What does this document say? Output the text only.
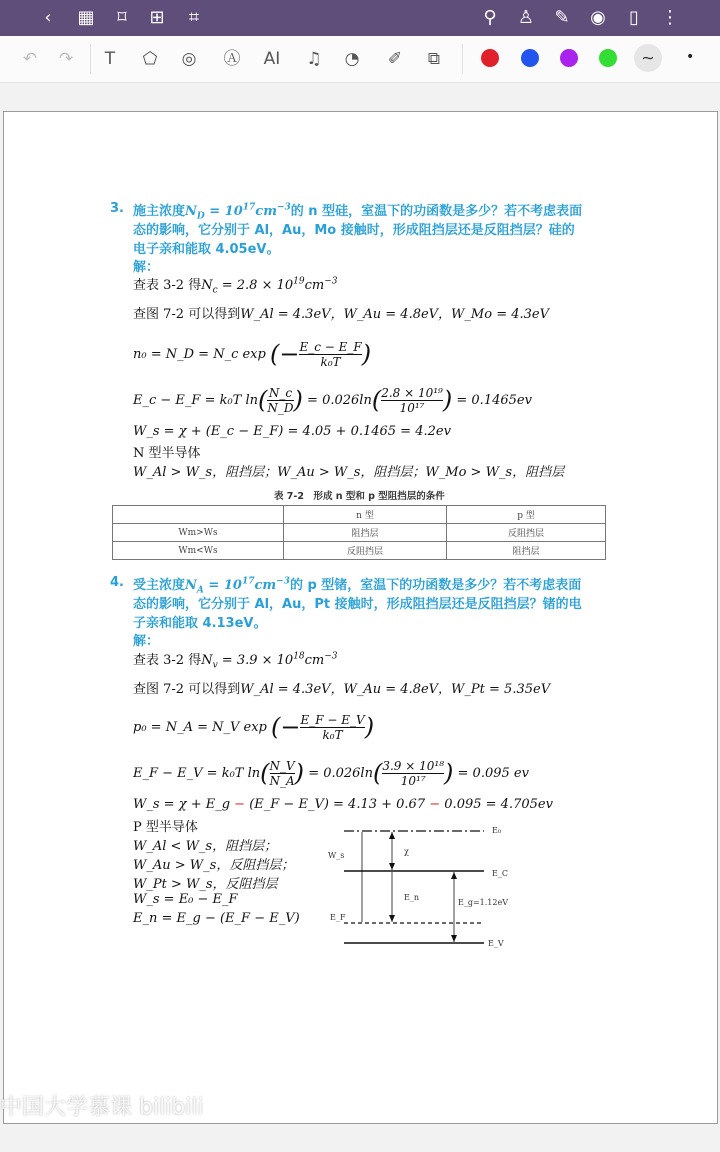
‹	▦	⌑	⊞	⌗	⚲	♙ ✎ ◉	▯	⋮
↶ ↷	T	⬠ ◎ Ⓐ AI ♫ ◔ ✐	⧉	∼	•
3. 施主浓度$N_D = 10^{17}cm^{-3}$的 n 型硅，室温下的功函数是多少？若不考虑表面
态的影响，它分别于 Al，Au，Mo 接触时，形成阻挡层还是反阻挡层？硅的
电子亲和能取 4.05eV。
解：
查表 3-2 得$N_c = 2.8 \times 10^{19}cm^{-3}$
查图 7-2 可以得到W_Al = 4.3eV，W_Au = 4.8eV，W_Mo = 4.3eV
n₀ = N_D = N_c exp (− $\frac{E\_c - E\_F}{\text{k₀T}}$ )
E_c − E_F = k₀T $\ln( \frac{N\_c}{N\_D}$ ) = $0.026\ln( \frac{\text{2.8 × 10¹⁹}}{\text{10¹⁷}}$ ) = 0.1465ev
W_s = χ + (E_c − E_F) = 4.05 + 0.1465 = 4.2ev
N 型半导体
W_Al > W_s，阻挡层；W_Au > W_s，阻挡层；W_Mo > W_s，阻挡层
表 7-2　形成 n 型和 p 型阻挡层的条件
	n 型	p 型
Wm>Ws	阻挡层	反阻挡层
Wm<Ws	反阻挡层	阻挡层
4. 受主浓度$N_A = 10^{17}cm^{-3}$的 p 型锗，室温下的功函数是多少？若不考虑表面
态的影响，它分别于 Al，Au，Pt 接触时，形成阻挡层还是反阻挡层？锗的电
子亲和能取 4.13eV。
解：
查表 3-2 得$N_v = 3.9 \times 10^{18}cm^{-3}$
查图 7-2 可以得到W_Al = 4.3eV，W_Au = 4.8eV，W_Pt = 5.35eV
p₀ = N_A = N_V exp (− $\frac{E\_F - E\_V}{\text{k₀T}}$ )
E_F − E_V = k₀T $\ln( \frac{N\_V}{N\_A}$ ) = $0.026\ln( \frac{\text{3.9 × 10¹⁸}}{\text{10¹⁷}}$ ) = 0.095 ev
W_s = χ + E_g − (E_F − E_V) = 4.13 + 0.67 − 0.095 = 4.705ev
P 型半导体
W_Al < W_s，阻挡层；
W_Au > W_s，反阻挡层；
W_Pt > W_s，反阻挡层
W_s = E₀ − E_F
E_n = E_g − (E_F − E_V)
E₀
E_C
E_F
E_V
W_s	χ
E_n
E_g=1.12eV
中国大学慕课 bilibili
